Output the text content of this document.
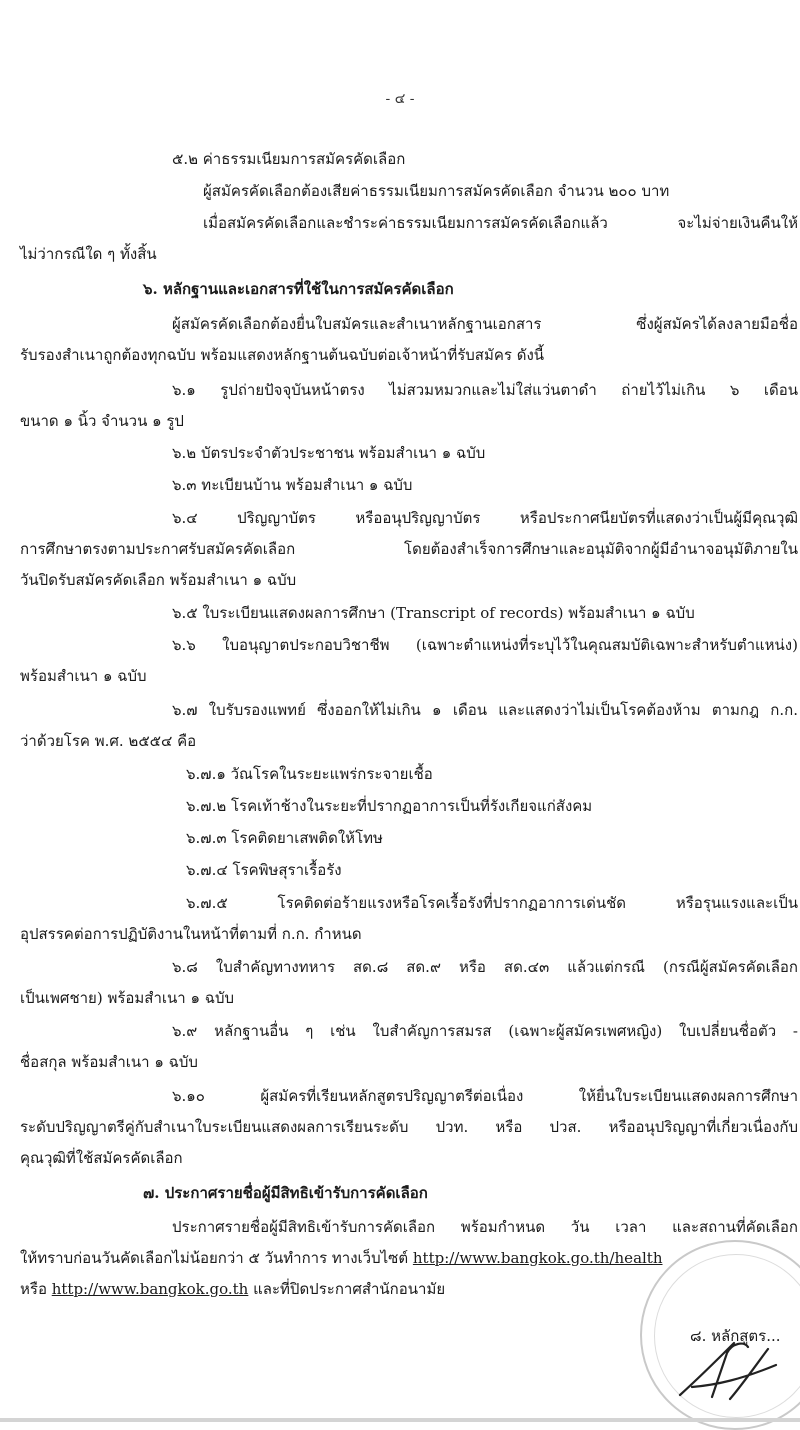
- ๔ -
๕.๒ ค่าธรรมเนียมการสมัครคัดเลือก
ผู้สมัครคัดเลือกต้องเสียค่าธรรมเนียมการสมัครคัดเลือก จำนวน ๒๐๐ บาท
เมื่อสมัครคัดเลือกและชำระค่าธรรมเนียมการสมัครคัดเลือกแล้ว จะไม่จ่ายเงินคืนให้
ไม่ว่ากรณีใด ๆ ทั้งสิ้น
๖. หลักฐานและเอกสารที่ใช้ในการสมัครคัดเลือก
ผู้สมัครคัดเลือกต้องยื่นใบสมัครและสำเนาหลักฐานเอกสาร ซึ่งผู้สมัครได้ลงลายมือชื่อ
รับรองสำเนาถูกต้องทุกฉบับ พร้อมแสดงหลักฐานต้นฉบับต่อเจ้าหน้าที่รับสมัคร ดังนี้
๖.๑ รูปถ่ายปัจจุบันหน้าตรง ไม่สวมหมวกและไม่ใส่แว่นตาดำ ถ่ายไว้ไม่เกิน ๖ เดือน
ขนาด ๑ นิ้ว จำนวน ๑ รูป
๖.๒ บัตรประจำตัวประชาชน พร้อมสำเนา ๑ ฉบับ
๖.๓ ทะเบียนบ้าน พร้อมสำเนา ๑ ฉบับ
๖.๔ ปริญญาบัตร หรืออนุปริญญาบัตร หรือประกาศนียบัตรที่แสดงว่าเป็นผู้มีคุณวุฒิ
การศึกษาตรงตามประกาศรับสมัครคัดเลือก โดยต้องสำเร็จการศึกษาและอนุมัติจากผู้มีอำนาจอนุมัติภายใน
วันปิดรับสมัครคัดเลือก พร้อมสำเนา ๑ ฉบับ
๖.๕ ใบระเบียนแสดงผลการศึกษา (Transcript of records) พร้อมสำเนา ๑ ฉบับ
๖.๖ ใบอนุญาตประกอบวิชาชีพ (เฉพาะตำแหน่งที่ระบุไว้ในคุณสมบัติเฉพาะสำหรับตำแหน่ง)
พร้อมสำเนา ๑ ฉบับ
๖.๗ ใบรับรองแพทย์ ซึ่งออกให้ไม่เกิน ๑ เดือน และแสดงว่าไม่เป็นโรคต้องห้าม ตามกฎ ก.ก.
ว่าด้วยโรค พ.ศ. ๒๕๕๔ คือ
๖.๗.๑ วัณโรคในระยะแพร่กระจายเชื้อ
๖.๗.๒ โรคเท้าช้างในระยะที่ปรากฏอาการเป็นที่รังเกียจแก่สังคม
๖.๗.๓ โรคติดยาเสพติดให้โทษ
๖.๗.๔ โรคพิษสุราเรื้อรัง
๖.๗.๕ โรคติดต่อร้ายแรงหรือโรคเรื้อรังที่ปรากฏอาการเด่นชัด หรือรุนแรงและเป็น
อุปสรรคต่อการปฏิบัติงานในหน้าที่ตามที่ ก.ก. กำหนด
๖.๘ ใบสำคัญทางทหาร สด.๘ สด.๙ หรือ สด.๔๓ แล้วแต่กรณี (กรณีผู้สมัครคัดเลือก
เป็นเพศชาย) พร้อมสำเนา ๑ ฉบับ
๖.๙ หลักฐานอื่น ๆ เช่น ใบสำคัญการสมรส (เฉพาะผู้สมัครเพศหญิง) ใบเปลี่ยนชื่อตัว -
ชื่อสกุล พร้อมสำเนา ๑ ฉบับ
๖.๑๐ ผู้สมัครที่เรียนหลักสูตรปริญญาตรีต่อเนื่อง ให้ยื่นใบระเบียนแสดงผลการศึกษา
ระดับปริญญาตรีคู่กับสำเนาใบระเบียนแสดงผลการเรียนระดับ ปวท. หรือ ปวส. หรืออนุปริญญาที่เกี่ยวเนื่องกับ
คุณวุฒิที่ใช้สมัครคัดเลือก
๗. ประกาศรายชื่อผู้มีสิทธิเข้ารับการคัดเลือก
ประกาศรายชื่อผู้มีสิทธิเข้ารับการคัดเลือก พร้อมกำหนด วัน เวลา และสถานที่คัดเลือก
ให้ทราบก่อนวันคัดเลือกไม่น้อยกว่า ๕ วันทำการ ทางเว็บไซต์ http://www.bangkok.go.th/health
หรือ http://www.bangkok.go.th และที่ปิดประกาศสำนักอนามัย
๘. หลักสูตร...
